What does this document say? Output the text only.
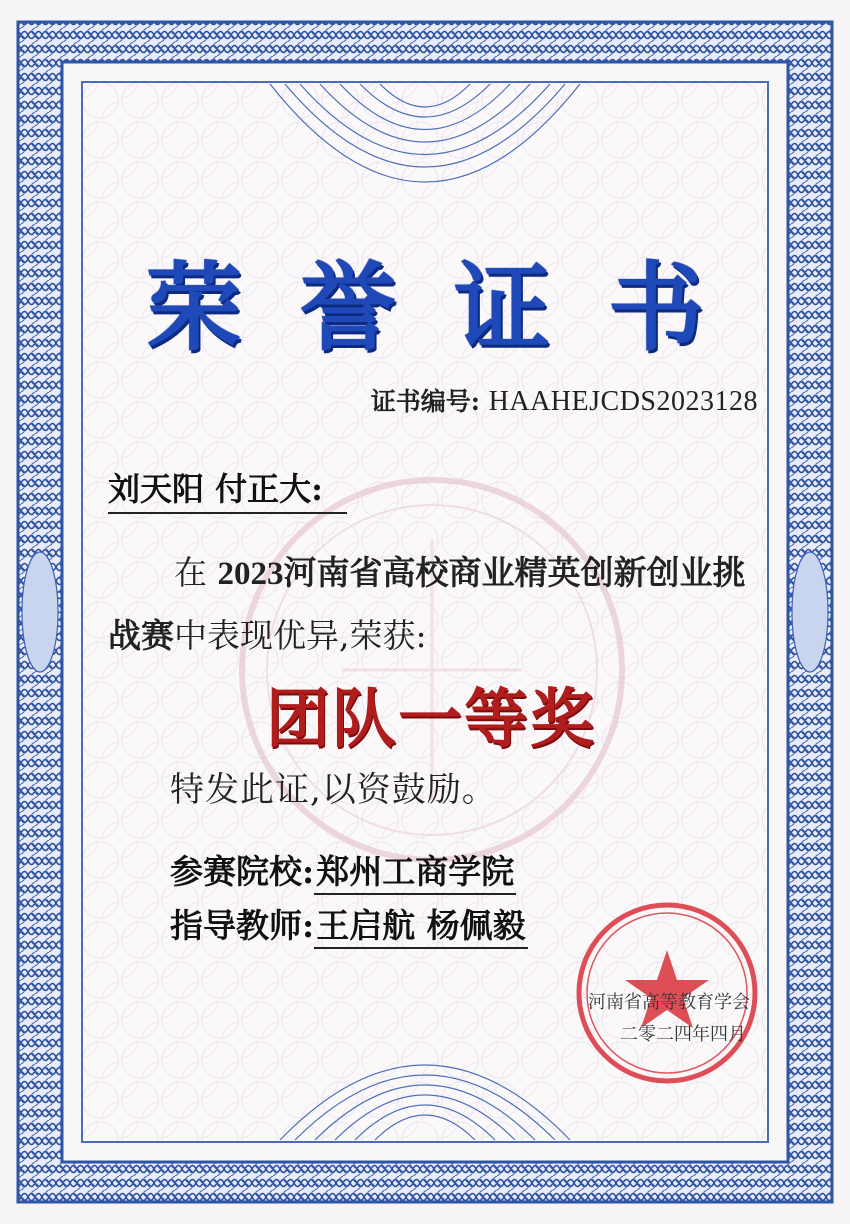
荣誉证书
证书编号: HAAHEJCDS2023128
刘天阳 付正大:
在 2023河南省高校商业精英创新创业挑战赛中表现优异,荣获:
团队一等奖
特发此证,以资鼓励。
参赛院校:郑州工商学院
指导教师:王启航 杨佩毅
河南省高等教育学会
二零二四年四月
